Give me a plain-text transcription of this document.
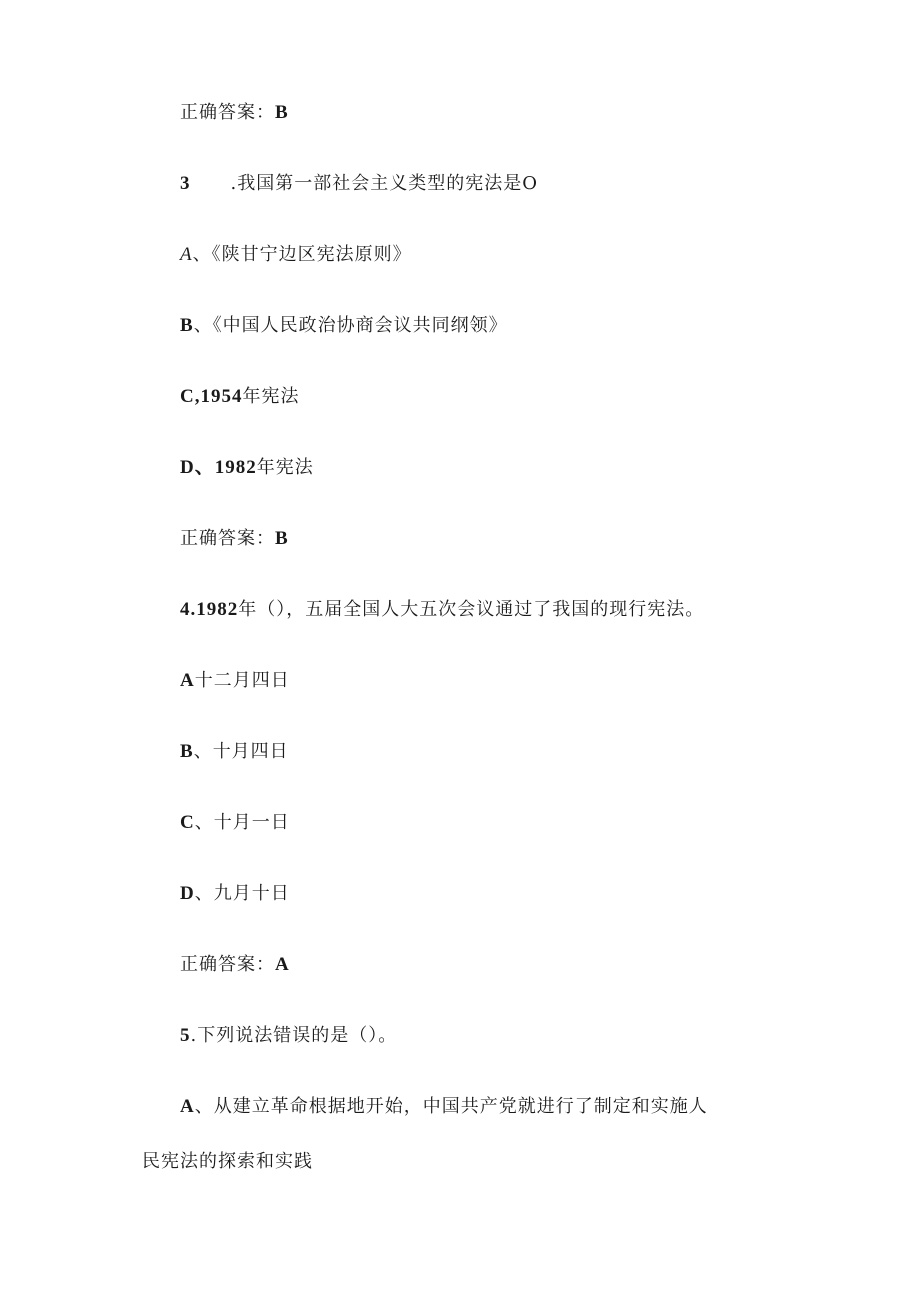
正确答案：B
3 .我国第一部社会主义类型的宪法是O
A、《陕甘宁边区宪法原则》
B、《中国人民政治协商会议共同纲领》
C,1954年宪法
D、1982年宪法
正确答案：B
4.1982年（），五届全国人大五次会议通过了我国的现行宪法。
A十二月四日
B、十月四日
C、十月一日
D、九月十日
正确答案：A
5.下列说法错误的是（）。
A、从建立革命根据地开始，中国共产党就进行了制定和实施人
民宪法的探索和实践
